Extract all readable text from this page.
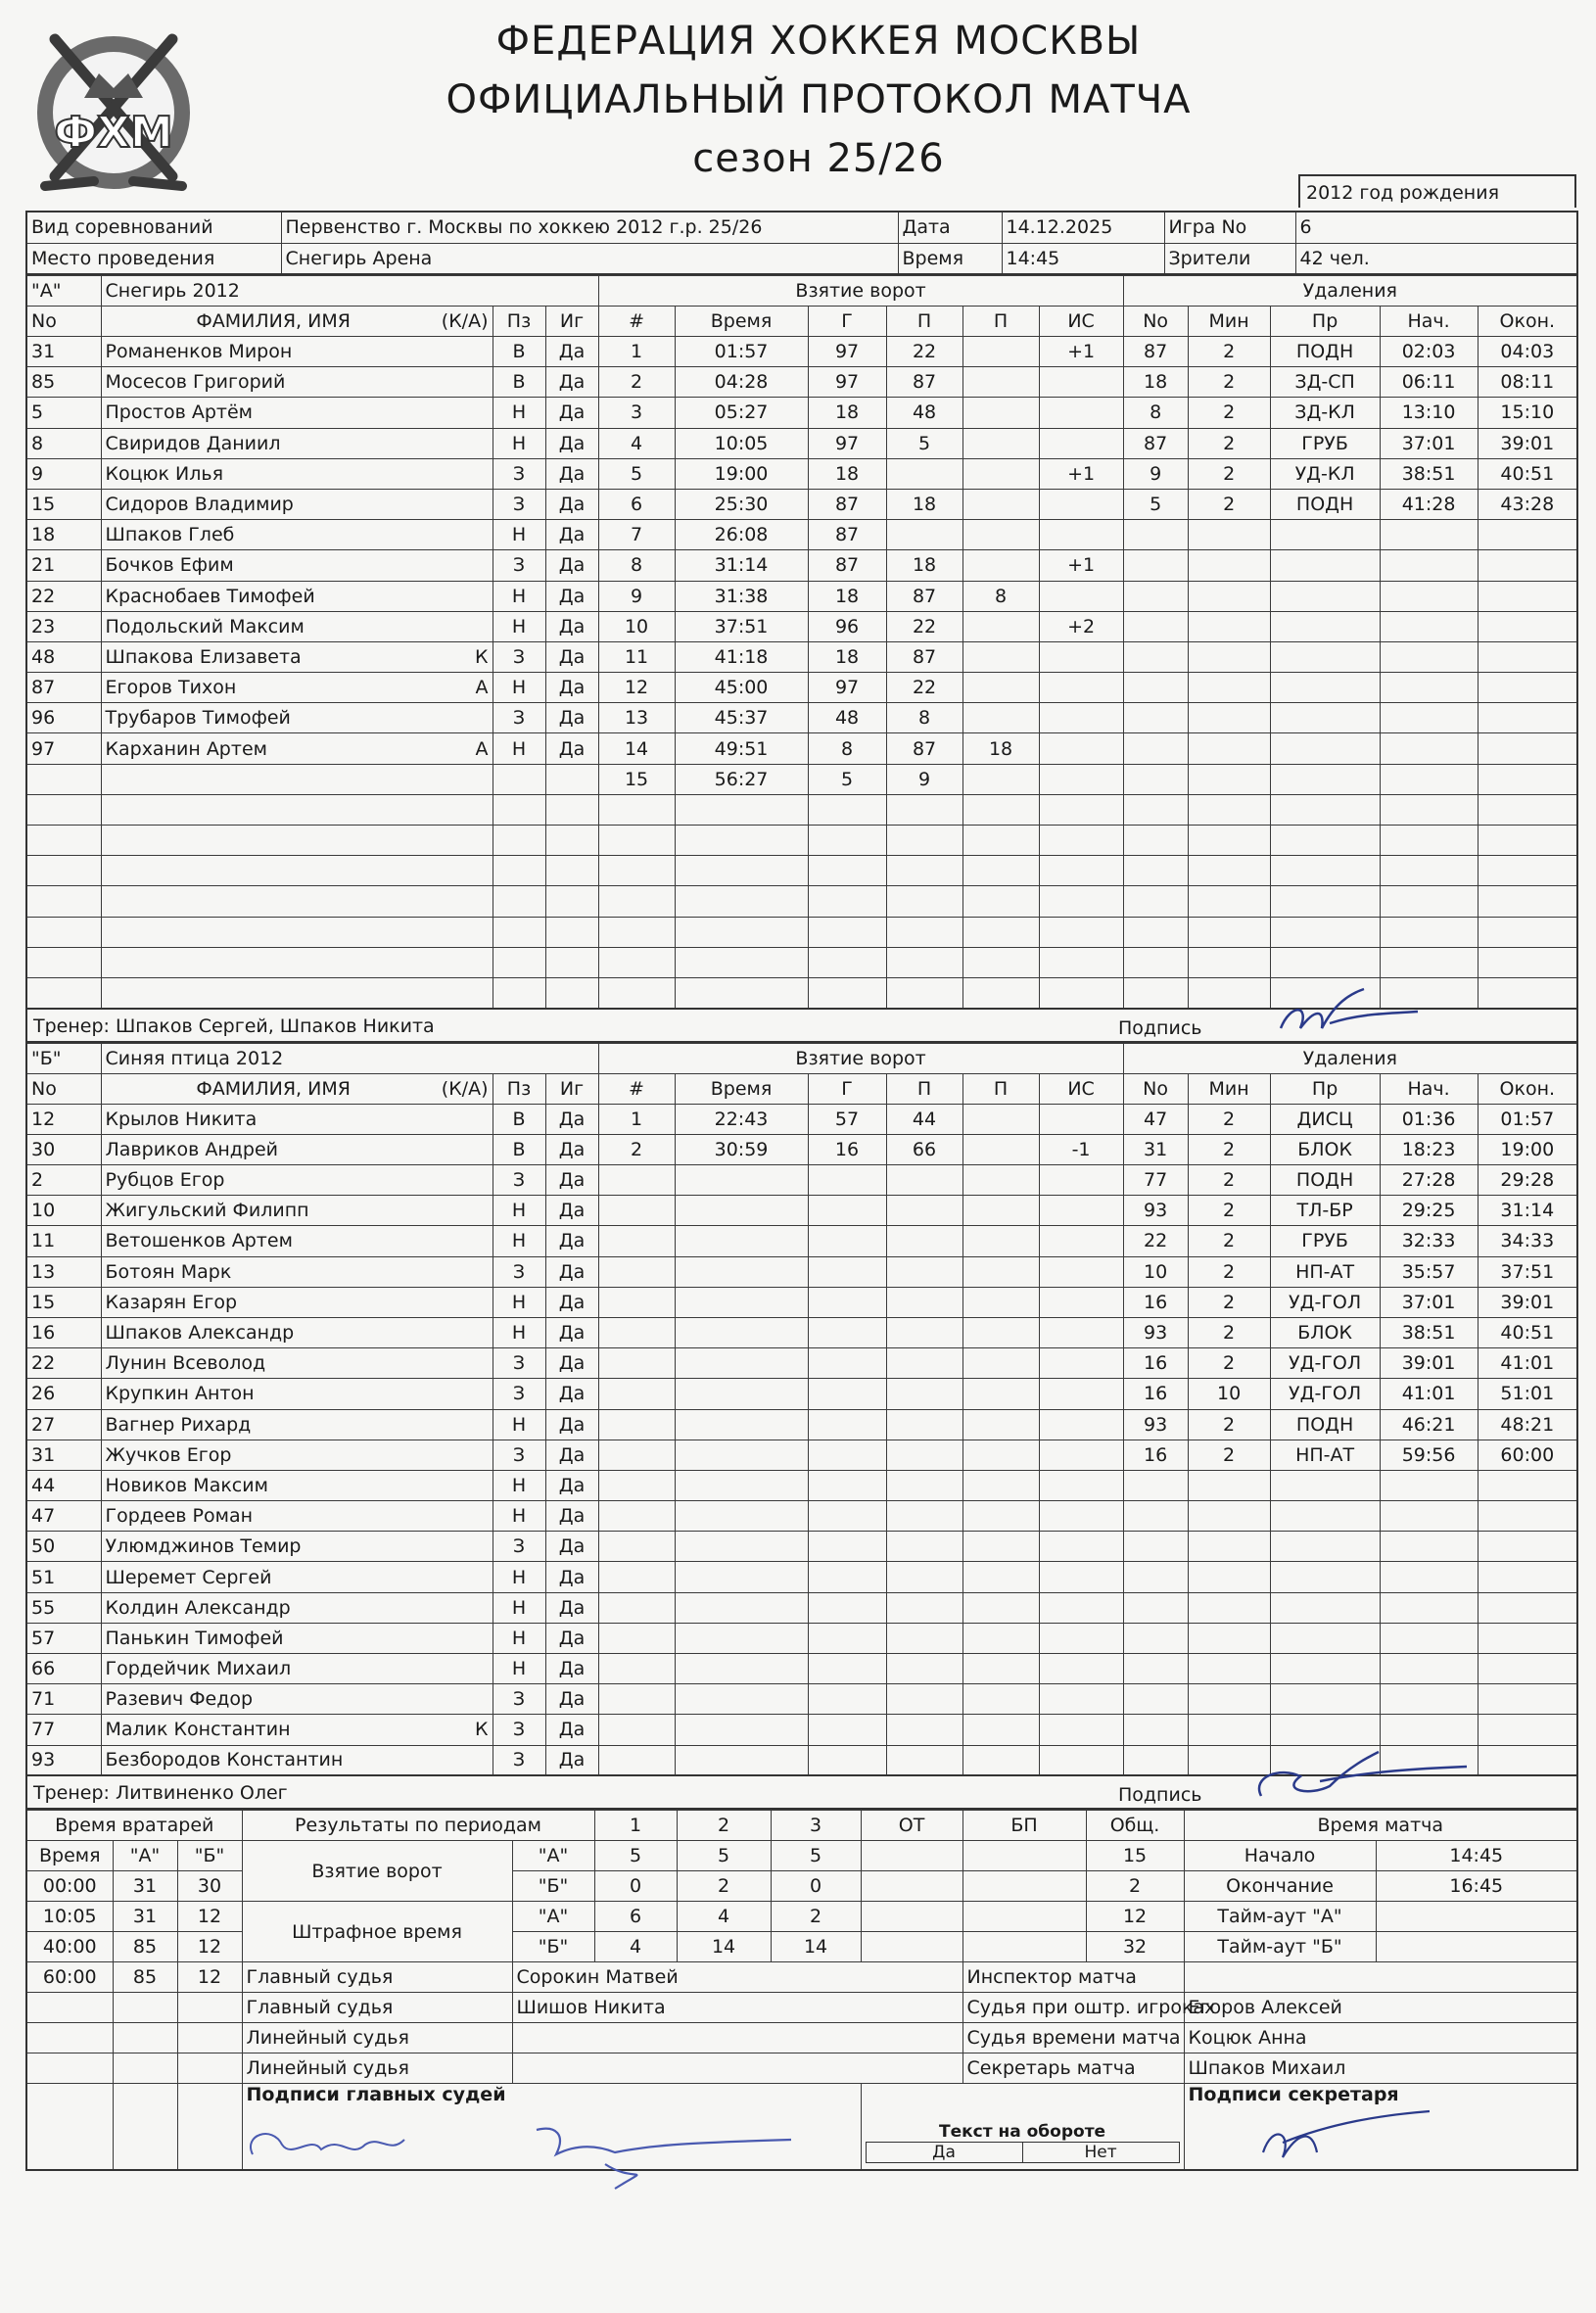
ФХМ
ФЕДЕРАЦИЯ ХОККЕЯ МОСКВЫ
ОФИЦИАЛЬНЫЙ ПРОТОКОЛ МАТЧА
сезон 25/26
2012 год рождения
Вид соревнований	Первенство г. Москвы по хоккею 2012 г.р. 25/26	Дата	14.12.2025	Игра No	6
Место проведения	Снегирь Арена	Время	14:45	Зрители	42 чел.
"А"	Снегирь 2012			Взятие ворот						Удаления				
No	ФАМИЛИЯ, ИМЯ (К/А)	Пз	Иг	#	Время	Г	П	П	ИС	No	Мин	Пр	Нач.	Окон.
31	Романенков Мирон	В	Да	1	01:57	97	22		+1	87	2	ПОДН	02:03	04:03
85	Мосесов Григорий	В	Да	2	04:28	97	87			18	2	ЗД-СП	06:11	08:11
5	Простов Артём	Н	Да	3	05:27	18	48			8	2	ЗД-КЛ	13:10	15:10
8	Свиридов Даниил	Н	Да	4	10:05	97	5			87	2	ГРУБ	37:01	39:01
9	Коцюк Илья	З	Да	5	19:00	18			+1	9	2	УД-КЛ	38:51	40:51
15	Сидоров Владимир	З	Да	6	25:30	87	18			5	2	ПОДН	41:28	43:28
18	Шпаков Глеб	Н	Да	7	26:08	87								
21	Бочков Ефим	З	Да	8	31:14	87	18		+1					
22	Краснобаев Тимофей	Н	Да	9	31:38	18	87	8						
23	Подольский Максим	Н	Да	10	37:51	96	22		+2					
48	Шпакова Елизавета К	З	Да	11	41:18	18	87							
87	Егоров Тихон А	Н	Да	12	45:00	97	22							
96	Трубаров Тимофей	З	Да	13	45:37	48	8							
97	Карханин Артем А	Н	Да	14	49:51	8	87	18						
				15	56:27	5	9							

Тренер: Шпаков Сергей, Шпаков Никита	Подпись
"Б"	Синяя птица 2012			Взятие ворот						Удаления				
No	ФАМИЛИЯ, ИМЯ (К/А)	Пз	Иг	#	Время	Г	П	П	ИС	No	Мин	Пр	Нач.	Окон.
12	Крылов Никита	В	Да	1	22:43	57	44			47	2	ДИСЦ	01:36	01:57
30	Лавриков Андрей	В	Да	2	30:59	16	66		-1	31	2	БЛОК	18:23	19:00
2	Рубцов Егор	З	Да							77	2	ПОДН	27:28	29:28
10	Жигульский Филипп	Н	Да							93	2	ТЛ-БР	29:25	31:14
11	Ветошенков Артем	Н	Да							22	2	ГРУБ	32:33	34:33
13	Ботоян Марк	З	Да							10	2	НП-АТ	35:57	37:51
15	Казарян Егор	Н	Да							16	2	УД-ГОЛ	37:01	39:01
16	Шпаков Александр	Н	Да							93	2	БЛОК	38:51	40:51
22	Лунин Всеволод	З	Да							16	2	УД-ГОЛ	39:01	41:01
26	Крупкин Антон	З	Да							16	10	УД-ГОЛ	41:01	51:01
27	Вагнер Рихард	Н	Да							93	2	ПОДН	46:21	48:21
31	Жучков Егор	З	Да							16	2	НП-АТ	59:56	60:00
44	Новиков Максим	Н	Да											
47	Гордеев Роман	Н	Да											
50	Улюмджинов Темир	З	Да											
51	Шеремет Сергей	Н	Да											
55	Колдин Александр	Н	Да											
57	Панькин Тимофей	Н	Да											
66	Гордейчик Михаил	Н	Да											
71	Разевич Федор	З	Да											
77	Малик Константин К	З	Да											
93	Безбородов Константин	З	Да											
Тренер: Литвиненко Олег	Подпись
Время вратарей			Результаты по периодам		1	2	3	ОТ	БП	Общ.	Время матча	
Время	"А"	"Б"	Взятие ворот	"А"	5	5	5			15	Начало	14:45
00:00	31	30		"Б"	0	2	0			2	Окончание	16:45
10:05	31	12	Штрафное время	"А"	6	4	2			12	Тайм-аут "А"	
40:00	85	12		"Б"	4	14	14			32	Тайм-аут "Б"	
60:00	85	12	Главный судья	Сорокин Матвей					Инспектор матча			
			Главный судья	Шишов Никита					Судья при оштр. игроках		Егоров Алексей	
			Линейный судья						Судья времени матча		Коцюк Анна	
			Линейный судья						Секретарь матча		Шпаков Михаил	
			Подписи главных судей					Текст на обороте
Да Нет			Подписи секретаря	
